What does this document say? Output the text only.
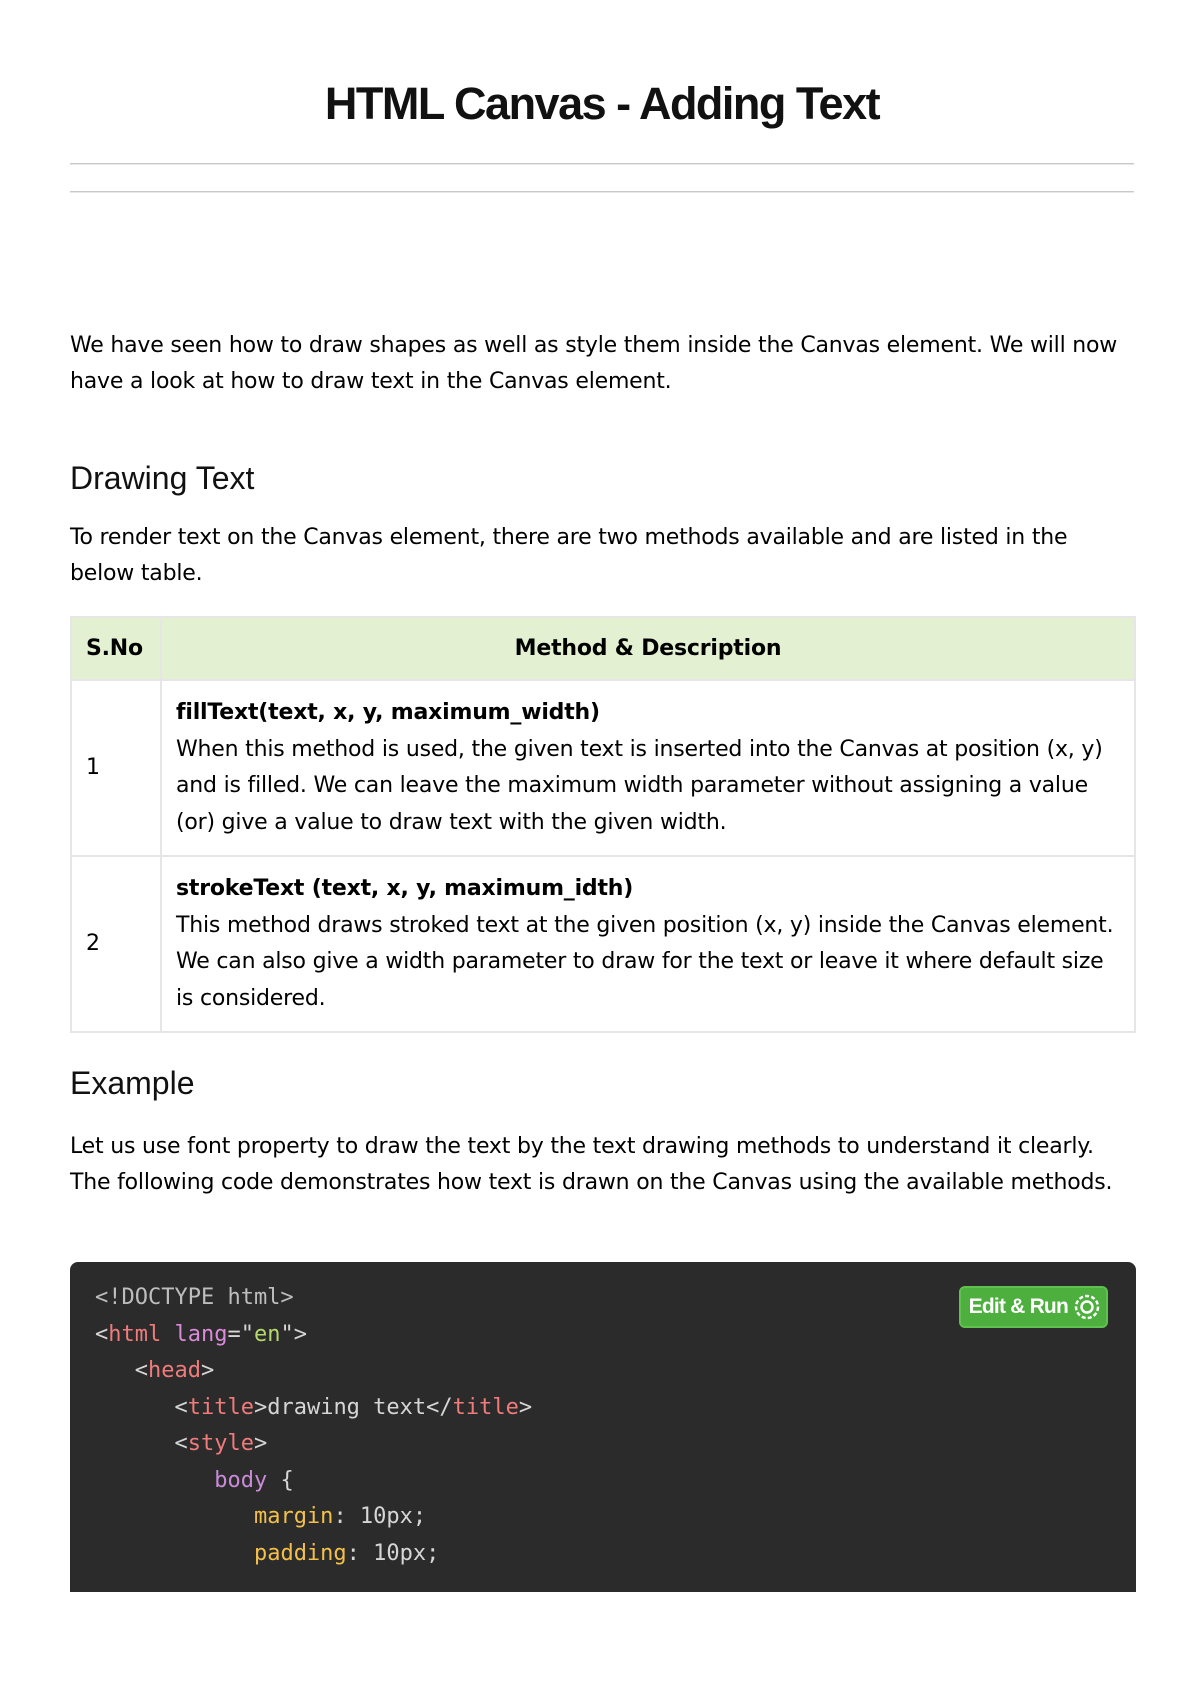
HTML Canvas - Adding Text

We have seen how to draw shapes as well as style them inside the Canvas element. We will now have a look at how to draw text in the Canvas element.

Drawing Text

To render text on the Canvas element, there are two methods available and are listed in the below table.

S.No	Method & Description
1	fillText(text, x, y, maximum_width)
When this method is used, the given text is inserted into the Canvas at position (x, y) and is filled. We can leave the maximum width parameter without assigning a value (or) give a value to draw text with the given width.

2	strokeText (text, x, y, maximum_idth)
This method draws stroked text at the given position (x, y) inside the Canvas element. We can also give a width parameter to draw for the text or leave it where default size is considered.
Example

Let us use font property to draw the text by the text drawing methods to understand it clearly. The following code demonstrates how text is drawn on the Canvas using the available methods.

<!DOCTYPE html>
<html lang="en">
<head>
<title>drawing text</title>
<style>
body {
margin: 10px;
padding: 10px;
Edit & Run
